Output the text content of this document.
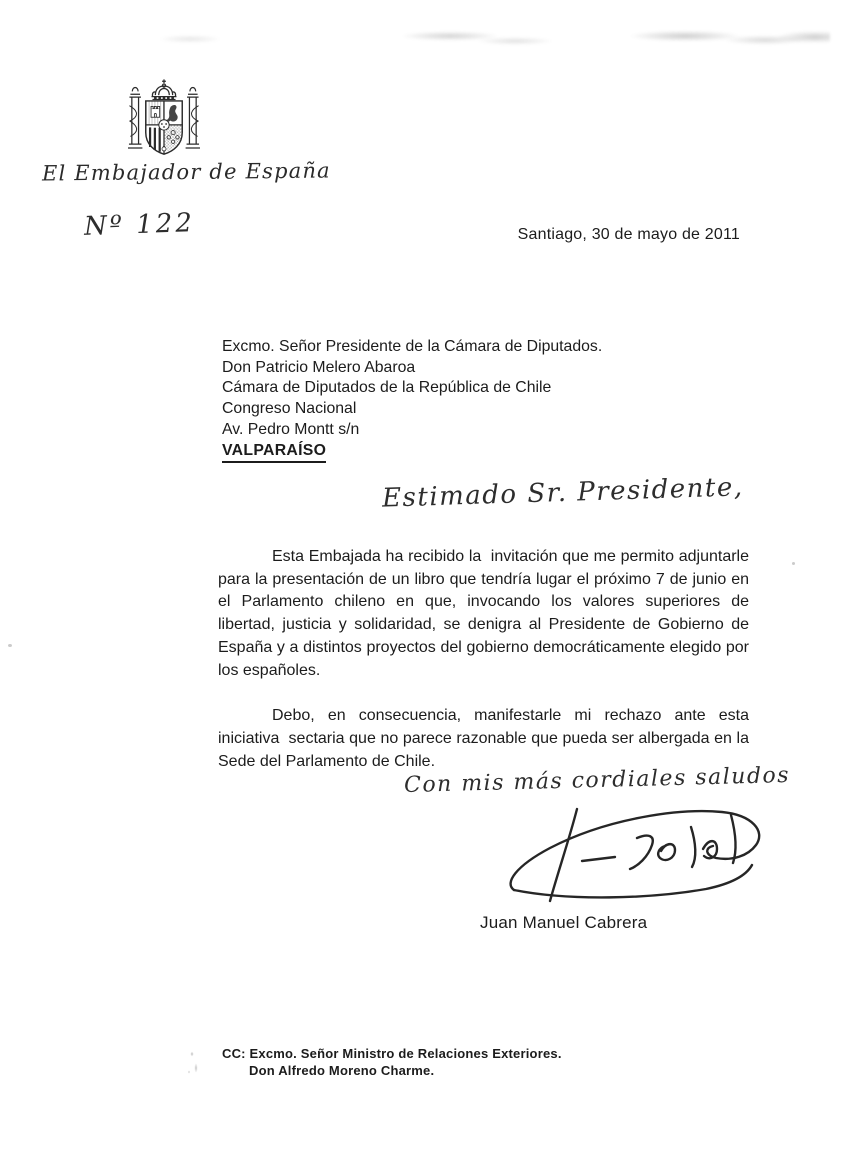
El Embajador de España
Nº 122	Santiago, 30 de mayo de 2011
Excmo. Señor Presidente de la Cámara de Diputados.
Don Patricio Melero Abaroa
Cámara de Diputados de la República de Chile
Congreso Nacional
Av. Pedro Montt s/n
VALPARAÍSO
Estimado Sr. Presidente,

Esta Embajada ha recibido la  invitación que me permito adjuntarle para la presentación de un libro que tendría lugar el próximo 7 de junio en el Parlamento chileno en que, invocando los valores superiores de libertad, justicia y solidaridad, se denigra al Presidente de Gobierno de España y a distintos proyectos del gobierno democráticamente elegido por los españoles.

Debo, en consecuencia, manifestarle mi rechazo ante esta iniciativa  sectaria que no parece razonable que pueda ser albergada en la Sede del Parlamento de Chile.

Con mis más cordiales saludos
Juan Manuel Cabrera
CC: Excmo. Señor Ministro de Relaciones Exteriores.
Don Alfredo Moreno Charme.
